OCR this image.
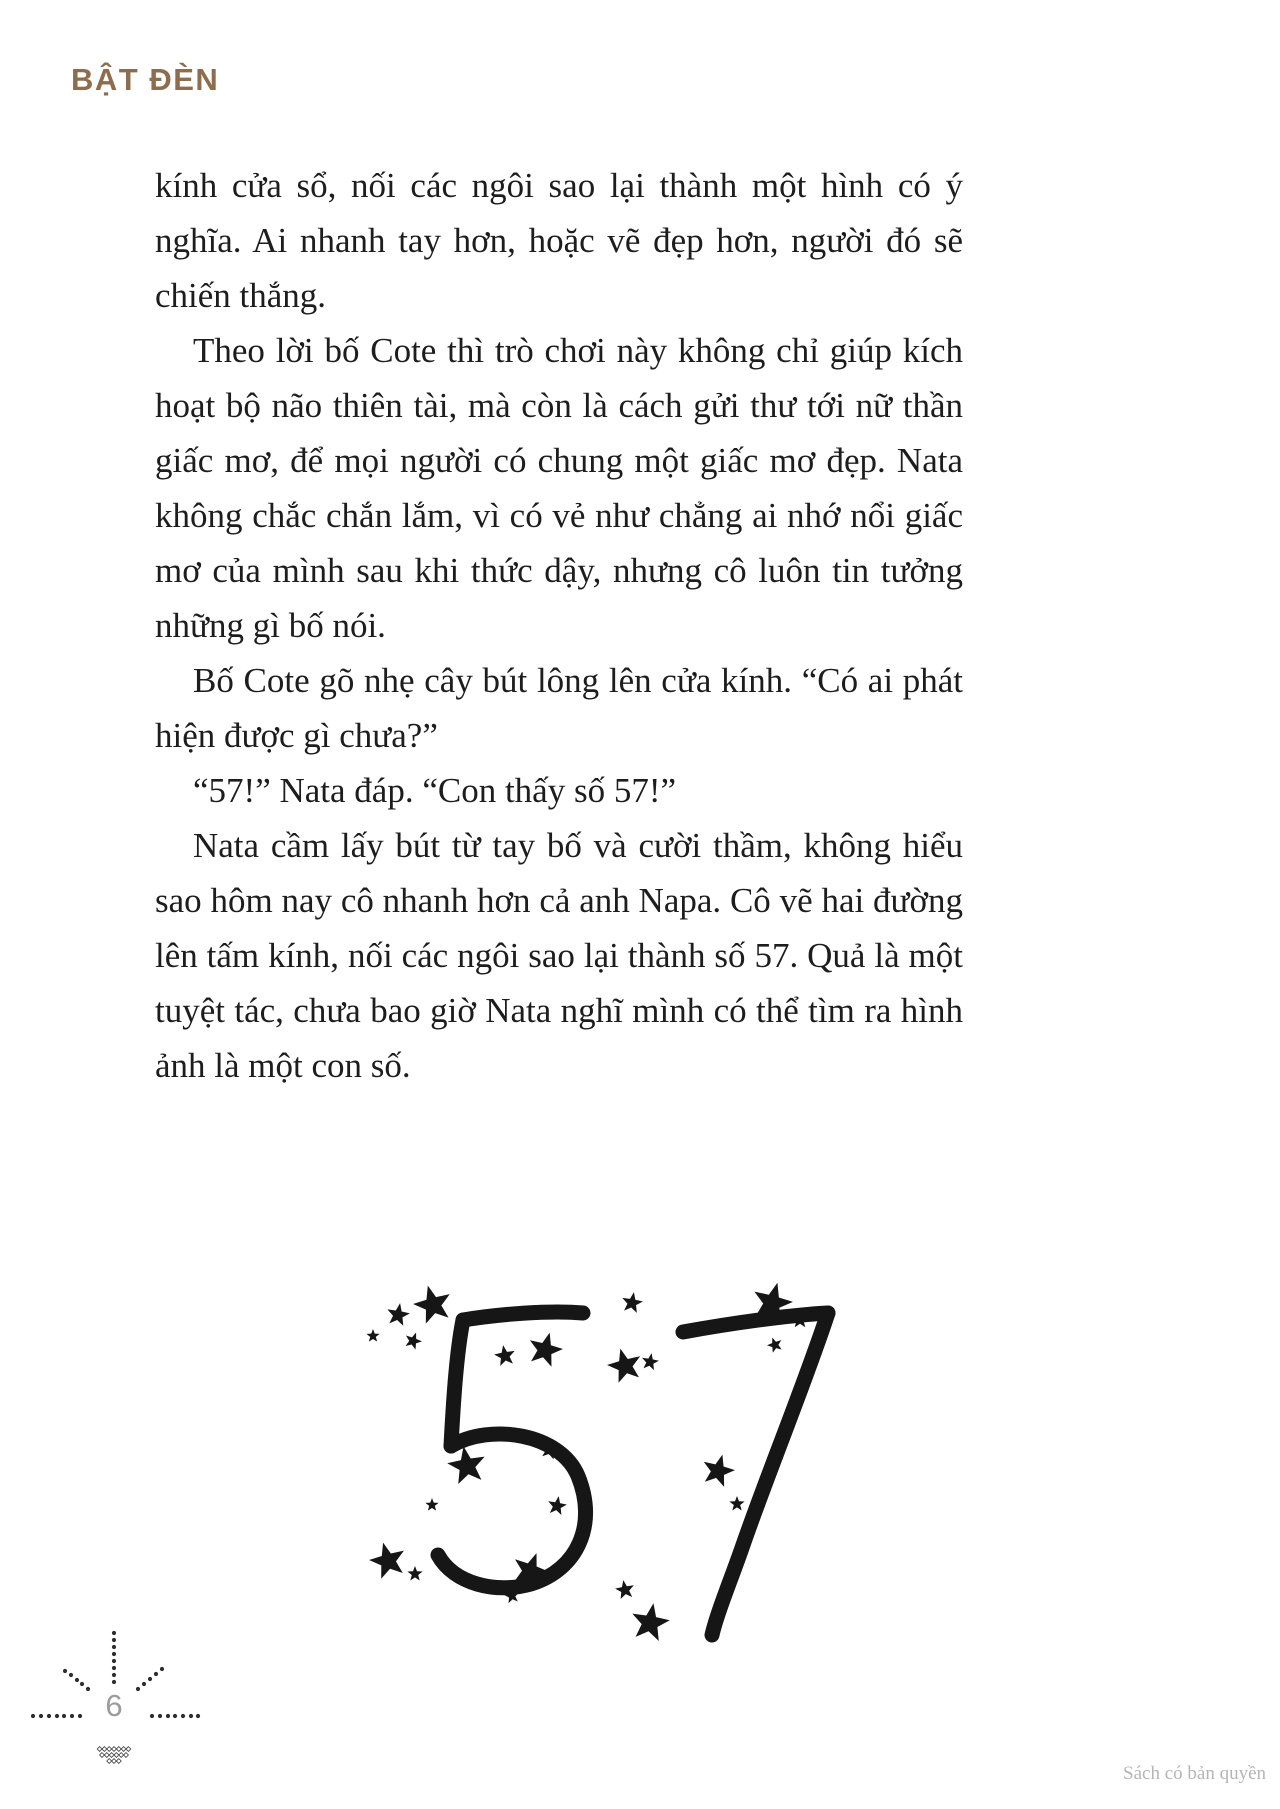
BẬT ĐÈN

kính cửa sổ, nối các ngôi sao lại thành một hình có ý nghĩa. Ai nhanh tay hơn, hoặc vẽ đẹp hơn, người đó sẽ chiến thắng.

Theo lời bố Cote thì trò chơi này không chỉ giúp kích hoạt bộ não thiên tài, mà còn là cách gửi thư tới nữ thần giấc mơ, để mọi người có chung một giấc mơ đẹp. Nata không chắc chắn lắm, vì có vẻ như chẳng ai nhớ nổi giấc mơ của mình sau khi thức dậy, nhưng cô luôn tin tưởng những gì bố nói.

Bố Cote gõ nhẹ cây bút lông lên cửa kính. “Có ai phát hiện được gì chưa?”

“57!” Nata đáp. “Con thấy số 57!”

Nata cầm lấy bút từ tay bố và cười thầm, không hiểu sao hôm nay cô nhanh hơn cả anh Napa. Cô vẽ hai đường lên tấm kính, nối các ngôi sao lại thành số 57. Quả là một tuyệt tác, chưa bao giờ Nata nghĩ mình có thể tìm ra hình ảnh là một con số.

6
Sách có bản quyền
